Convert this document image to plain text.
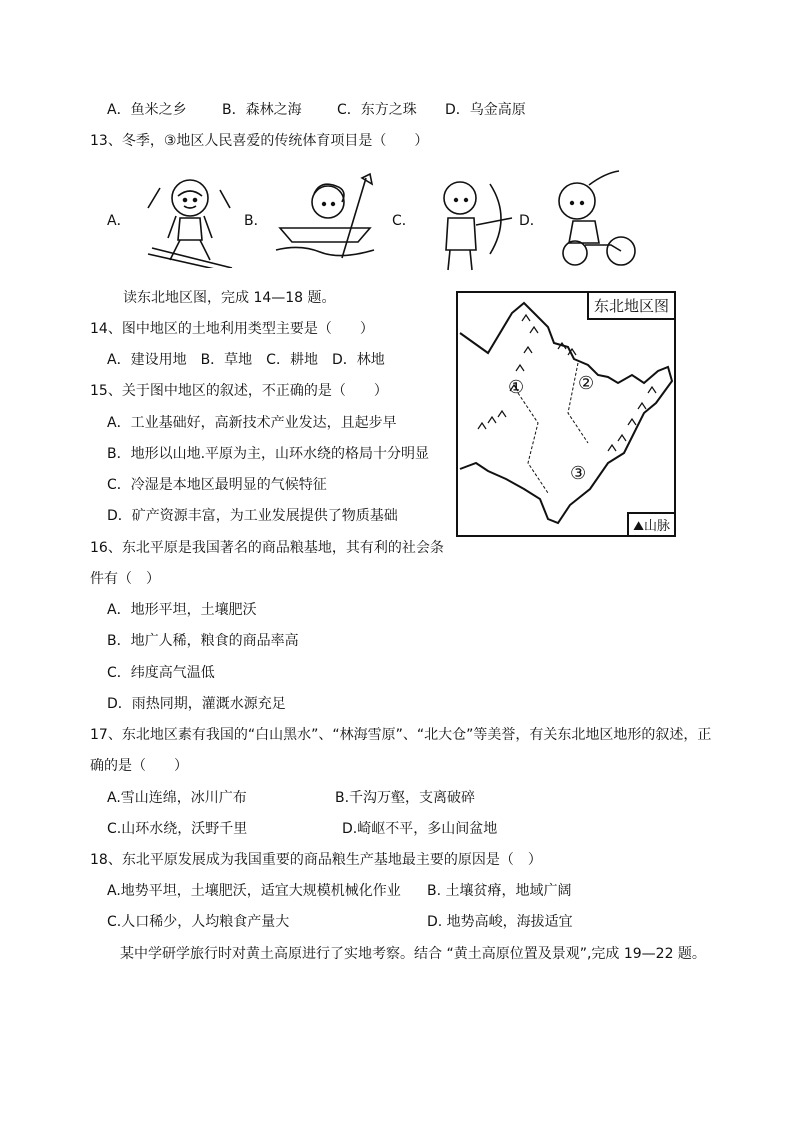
A．鱼米之乡	B．森林之海	C．东方之珠 D．乌金高原
13、冬季，③地区人民喜爱的传统体育项目是（　　）
A．	B．	C．	D．
读东北地区图，完成 14—18 题。	东北地区图
①	②
③
⛰山脉
14、图中地区的土地利用类型主要是（　　）
A．建设用地　B．草地　C．耕地　D．林地
15、关于图中地区的叙述，不正确的是（　　）
A．工业基础好，高新技术产业发达，且起步早
B．地形以山地.平原为主，山环水绕的格局十分明显
C．冷湿是本地区最明显的气候特征
D．矿产资源丰富，为工业发展提供了物质基础
16、东北平原是我国著名的商品粮基地，其有利的社会条
件有（　）
A．地形平坦，土壤肥沃
B．地广人稀，粮食的商品率高
C．纬度高气温低
D．雨热同期，灌溉水源充足
17、东北地区素有我国的“白山黑水”、“林海雪原”、“北大仓”等美誉，有关东北地区地形的叙述，正
确的是（　　）
A.雪山连绵，冰川广布	B.千沟万壑，支离破碎
C.山环水绕，沃野千里	D.崎岖不平，多山间盆地
18、东北平原发展成为我国重要的商品粮生产基地最主要的原因是（　）
A.地势平坦，土壤肥沃，适宜大规模机械化作业 B. 土壤贫瘠，地域广阔
C.人口稀少，人均粮食产量大	D. 地势高峻，海拔适宜
某中学研学旅行时对黄土高原进行了实地考察。结合 “黄土高原位置及景观”,完成 19—22 题。
